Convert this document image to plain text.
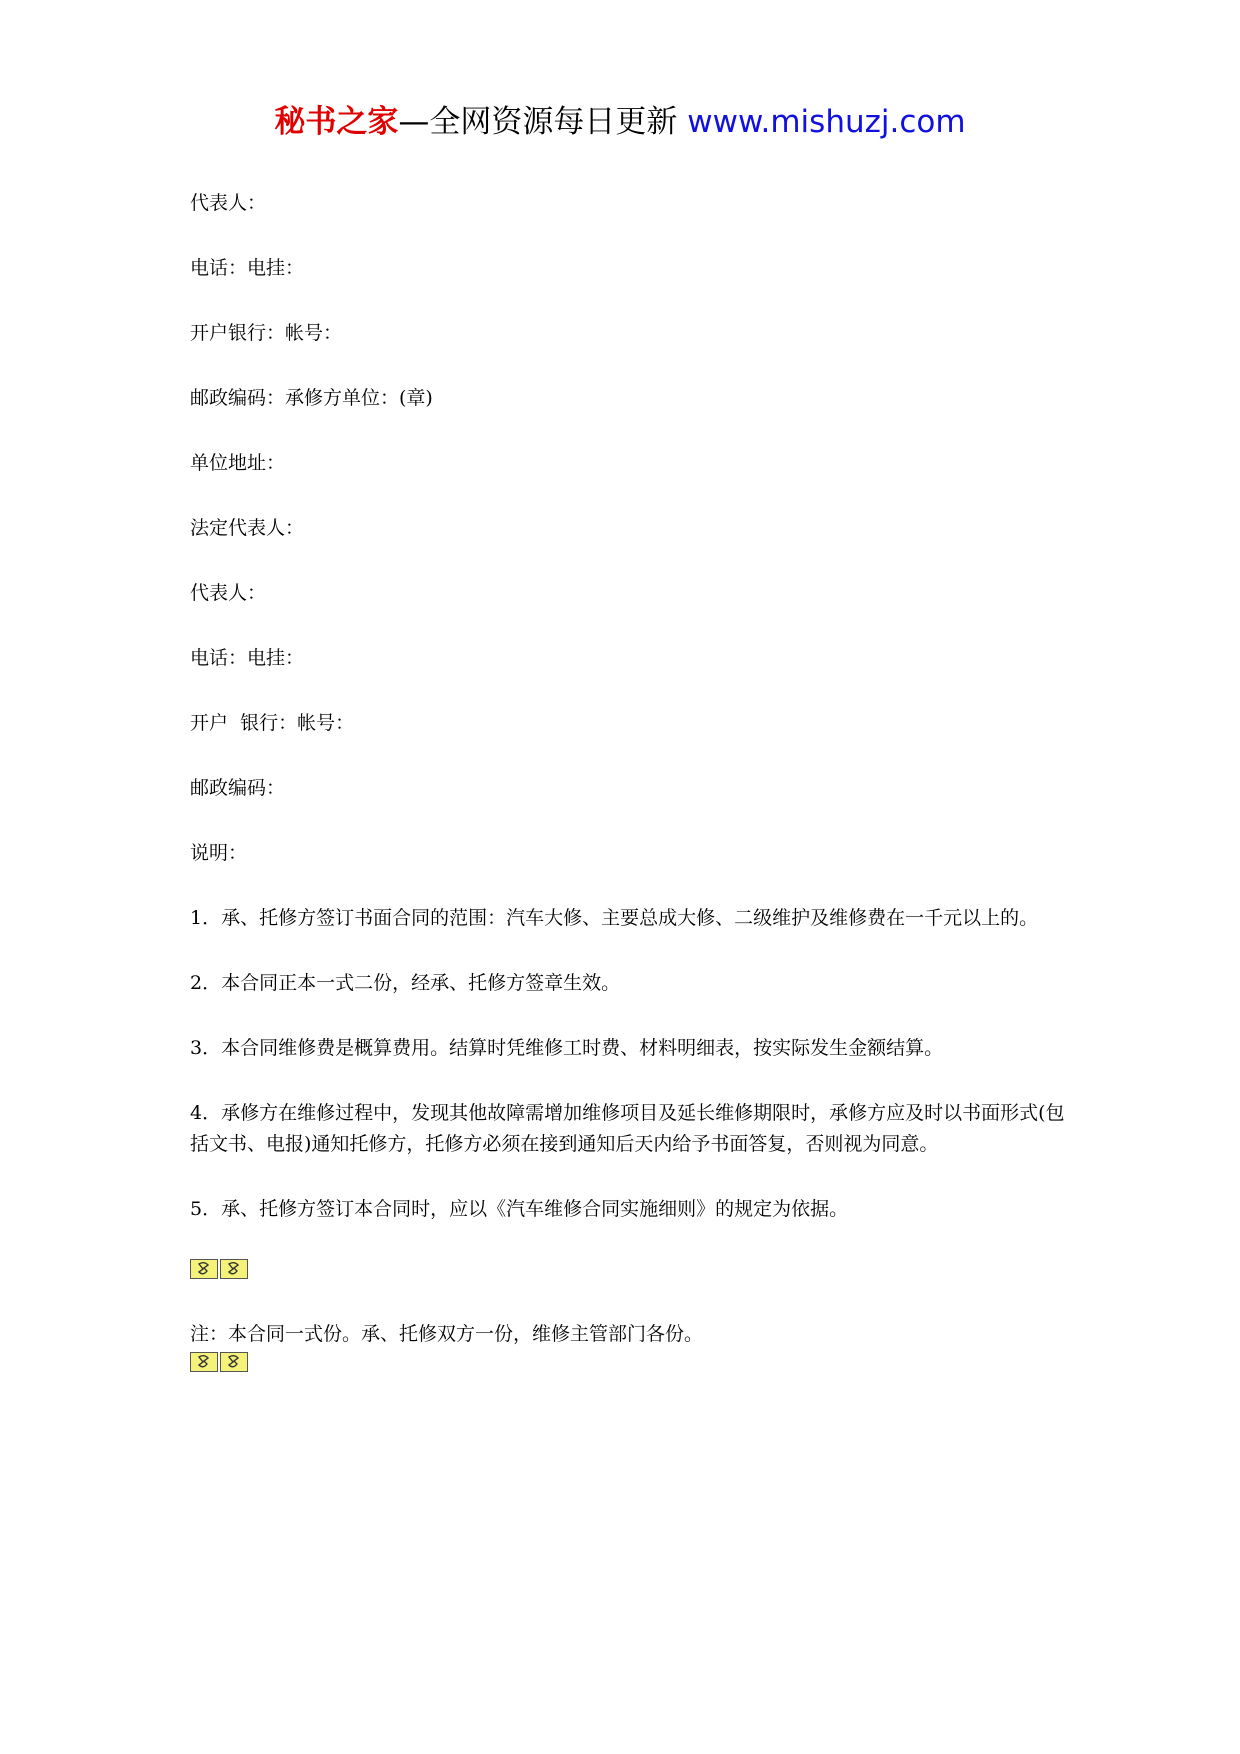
秘书之家—全网资源每日更新 www.mishuzj.com

代表人：

电话：电挂：

开户银行：帐号：

邮政编码：承修方单位：(章)

单位地址：

法定代表人：

代表人：

电话：电挂：

开户  银行：帐号：

邮政编码：

说明：

1．承、托修方签订书面合同的范围：汽车大修、主要总成大修、二级维护及维修费在一千元以上的。

2．本合同正本一式二份，经承、托修方签章生效。

3．本合同维修费是概算费用。结算时凭维修工时费、材料明细表，按实际发生金额结算。

4．承修方在维修过程中，发现其他故障需增加维修项目及延长维修期限时，承修方应及时以书面形式(包括文书、电报)通知托修方，托修方必须在接到通知后天内给予书面答复，否则视为同意。

5．承、托修方签订本合同时，应以《汽车维修合同实施细则》的规定为依据。

注：本合同一式份。承、托修双方一份，维修主管部门各份。
